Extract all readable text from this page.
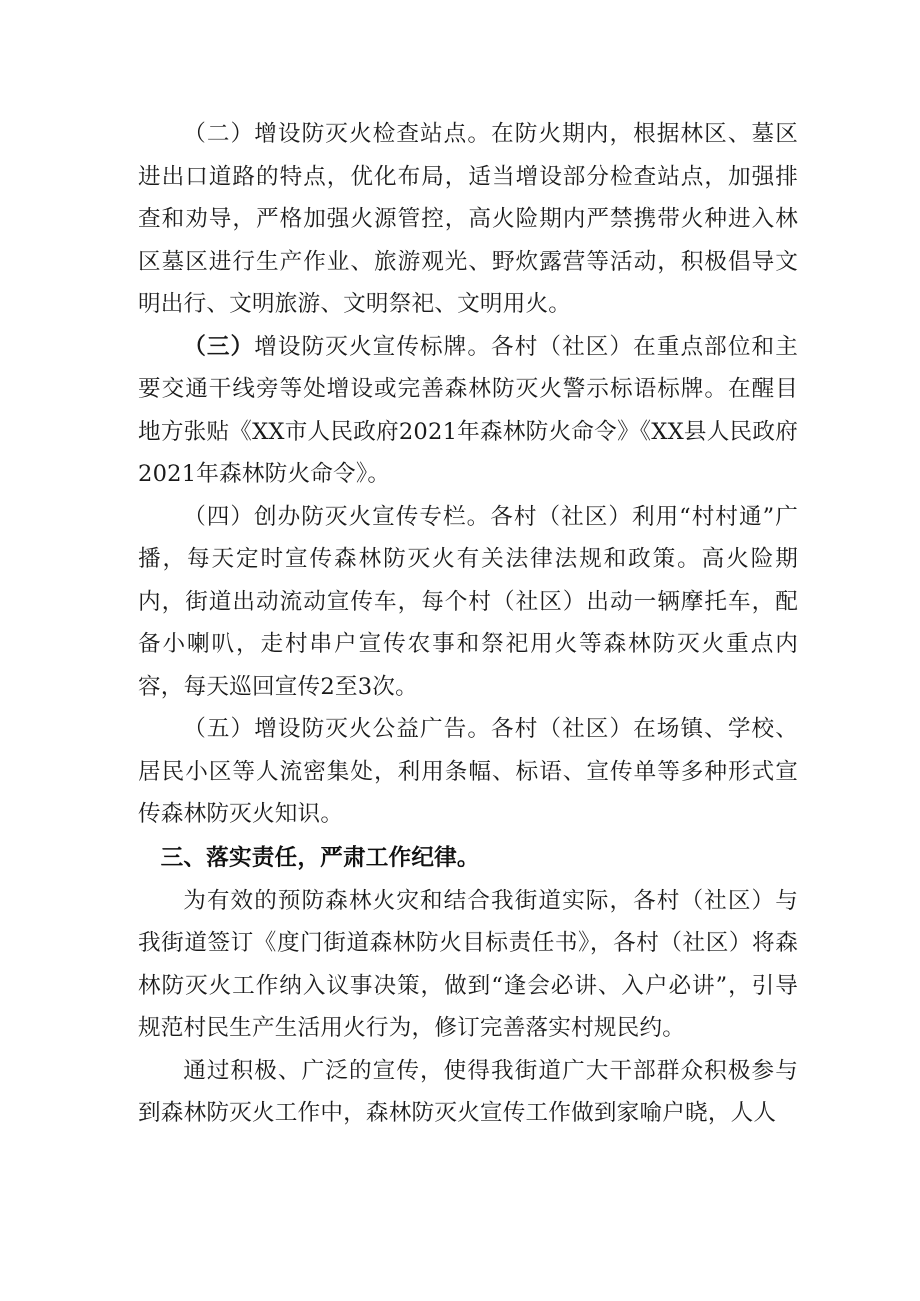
（二）增设防灭火检查站点。在防火期内，根据林区、墓区进出口道路的特点，优化布局，适当增设部分检查站点，加强排查和劝导，严格加强火源管控，高火险期内严禁携带火种进入林区墓区进行生产作业、旅游观光、野炊露营等活动，积极倡导文明出行、文明旅游、文明祭祀、文明用火。

（三）增设防灭火宣传标牌。各村（社区）在重点部位和主要交通干线旁等处增设或完善森林防灭火警示标语标牌。在醒目地方张贴《XX市人民政府2021年森林防火命令》《XX县人民政府2021年森林防火命令》。

（四）创办防灭火宣传专栏。各村（社区）利用“村村通”广播，每天定时宣传森林防灭火有关法律法规和政策。高火险期内，街道出动流动宣传车，每个村（社区）出动一辆摩托车，配备小喇叭，走村串户宣传农事和祭祀用火等森林防灭火重点内容，每天巡回宣传2至3次。

（五）增设防灭火公益广告。各村（社区）在场镇、学校、居民小区等人流密集处，利用条幅、标语、宣传单等多种形式宣传森林防灭火知识。

三、落实责任，严肃工作纪律。

为有效的预防森林火灾和结合我街道实际，各村（社区）与我街道签订《度门街道森林防火目标责任书》，各村（社区）将森林防灭火工作纳入议事决策，做到“逢会必讲、入户必讲”，引导规范村民生产生活用火行为，修订完善落实村规民约。

通过积极、广泛的宣传，使得我街道广大干部群众积极参与到森林防灭火工作中，森林防灭火宣传工作做到家喻户晓，人人
